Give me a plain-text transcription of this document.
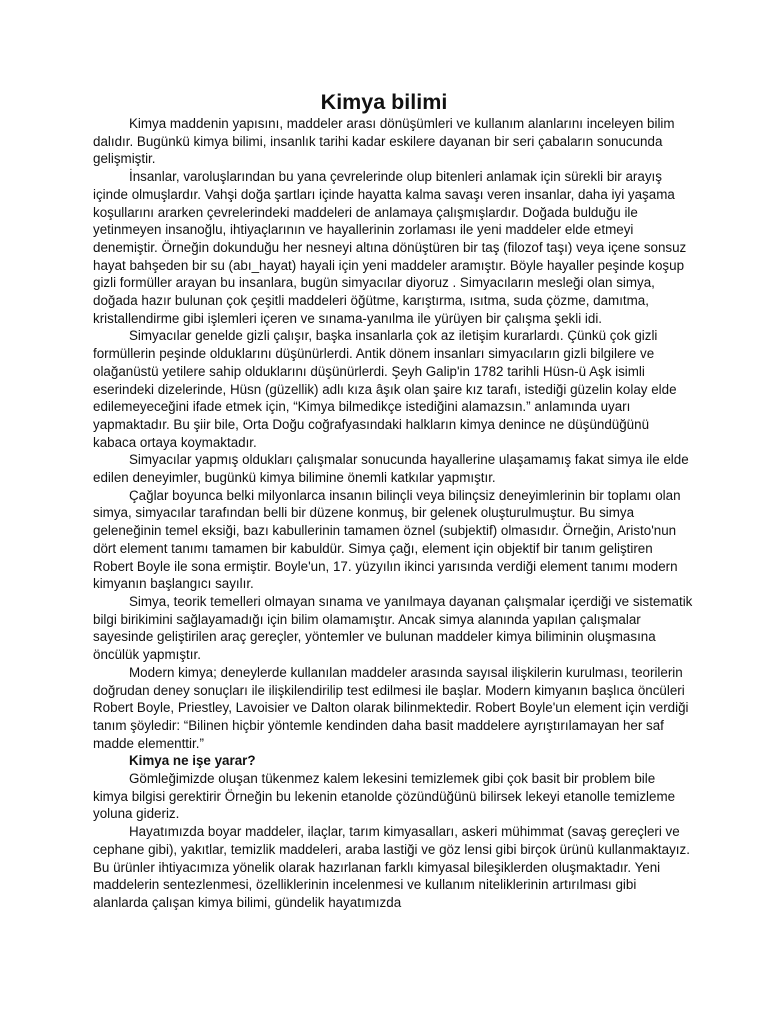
Kimya bilimi

Kimya maddenin yapısını, maddeler arası dönüşümleri ve kullanım alanlarını inceleyen bilim dalıdır. Bugünkü kimya bilimi, insanlık tarihi kadar eskilere dayanan bir seri çabaların sonucunda gelişmiştir.

İnsanlar, varoluşlarından bu yana çevrelerinde olup bitenleri anlamak için sürekli bir arayış içinde olmuşlardır. Vahşi doğa şartları içinde hayatta kalma savaşı veren insanlar, daha iyi yaşama koşullarını ararken çevrelerindeki maddeleri de anlamaya çalışmışlardır. Doğada bulduğu ile yetinmeyen insanoğlu, ihtiyaçlarının ve hayallerinin zorlaması ile yeni maddeler elde etmeyi denemiştir. Örneğin dokunduğu her nesneyi altına dönüştüren bir taş (filozof taşı) veya içene sonsuz hayat bahşeden bir su (abı_hayat) hayali için yeni maddeler aramıştır. Böyle hayaller peşinde koşup gizli formüller arayan bu insanlara, bugün simyacılar diyoruz . Simyacıların mesleği olan simya, doğada hazır bulunan çok çeşitli maddeleri öğütme, karıştırma, ısıtma, suda çözme, damıtma, kristallendirme gibi işlemleri içeren ve sınama-yanılma ile yürüyen bir çalışma şekli idi.

Simyacılar genelde gizli çalışır, başka insanlarla çok az iletişim kurarlardı. Çünkü çok gizli formüllerin peşinde olduklarını düşünürlerdi. Antik dönem insanları simyacıların gizli bilgilere ve olağanüstü yetilere sahip olduklarını düşünürlerdi. Şeyh Galip'in 1782 tarihli Hüsn-ü Aşk isimli eserindeki dizelerinde, Hüsn (güzellik) adlı kıza âşık olan şaire kız tarafı, istediği güzelin kolay elde edilemeyeceğini ifade etmek için, “Kimya bilmedikçe istediğini alamazsın.” anlamında uyarı yapmaktadır. Bu şiir bile, Orta Doğu coğrafyasındaki halkların kimya denince ne düşündüğünü kabaca ortaya koymaktadır.

Simyacılar yapmış oldukları çalışmalar sonucunda hayallerine ulaşamamış fakat simya ile elde edilen deneyimler, bugünkü kimya bilimine önemli katkılar yapmıştır.

Çağlar boyunca belki milyonlarca insanın bilinçli veya bilinçsiz deneyimlerinin bir toplamı olan simya, simyacılar tarafından belli bir düzene konmuş, bir gelenek oluşturulmuştur. Bu simya geleneğinin temel eksiği, bazı kabullerinin tamamen öznel (subjektif) olmasıdır. Örneğin, Aristo'nun dört element tanımı tamamen bir kabuldür. Simya çağı, element için objektif bir tanım geliştiren Robert Boyle ile sona ermiştir. Boyle'un, 17. yüzyılın ikinci yarısında verdiği element tanımı modern kimyanın başlangıcı sayılır.

Simya, teorik temelleri olmayan sınama ve yanılmaya dayanan çalışmalar içerdiği ve sistematik bilgi birikimini sağlayamadığı için bilim olamamıştır. Ancak simya alanında yapılan çalışmalar sayesinde geliştirilen araç gereçler, yöntemler ve bulunan maddeler kimya biliminin oluşmasına öncülük yapmıştır.

Modern kimya; deneylerde kullanılan maddeler arasında sayısal ilişkilerin kurulması, teorilerin doğrudan deney sonuçları ile ilişkilendirilip test edilmesi ile başlar. Modern kimyanın başlıca öncüleri Robert Boyle, Priestley, Lavoisier ve Dalton olarak bilinmektedir. Robert Boyle'un element için verdiği tanım şöyledir: “Bilinen hiçbir yöntemle kendinden daha basit maddelere ayrıştırılamayan her saf madde elementtir.”

Kimya ne işe yarar?

Gömleğimizde oluşan tükenmez kalem lekesini temizlemek gibi çok basit bir problem bile kimya bilgisi gerektirir Örneğin bu lekenin etanolde çözündüğünü bilirsek lekeyi etanolle temizleme yoluna gideriz.

Hayatımızda boyar maddeler, ilaçlar, tarım kimyasalları, askeri mühimmat (savaş gereçleri ve cephane gibi), yakıtlar, temizlik maddeleri, araba lastiği ve göz lensi gibi birçok ürünü kullanmaktayız. Bu ürünler ihtiyacımıza yönelik olarak hazırlanan farklı kimyasal bileşiklerden oluşmaktadır. Yeni maddelerin sentezlenmesi, özelliklerinin incelenmesi ve kullanım niteliklerinin artırılması gibi alanlarda çalışan kimya bilimi, gündelik hayatımızda
